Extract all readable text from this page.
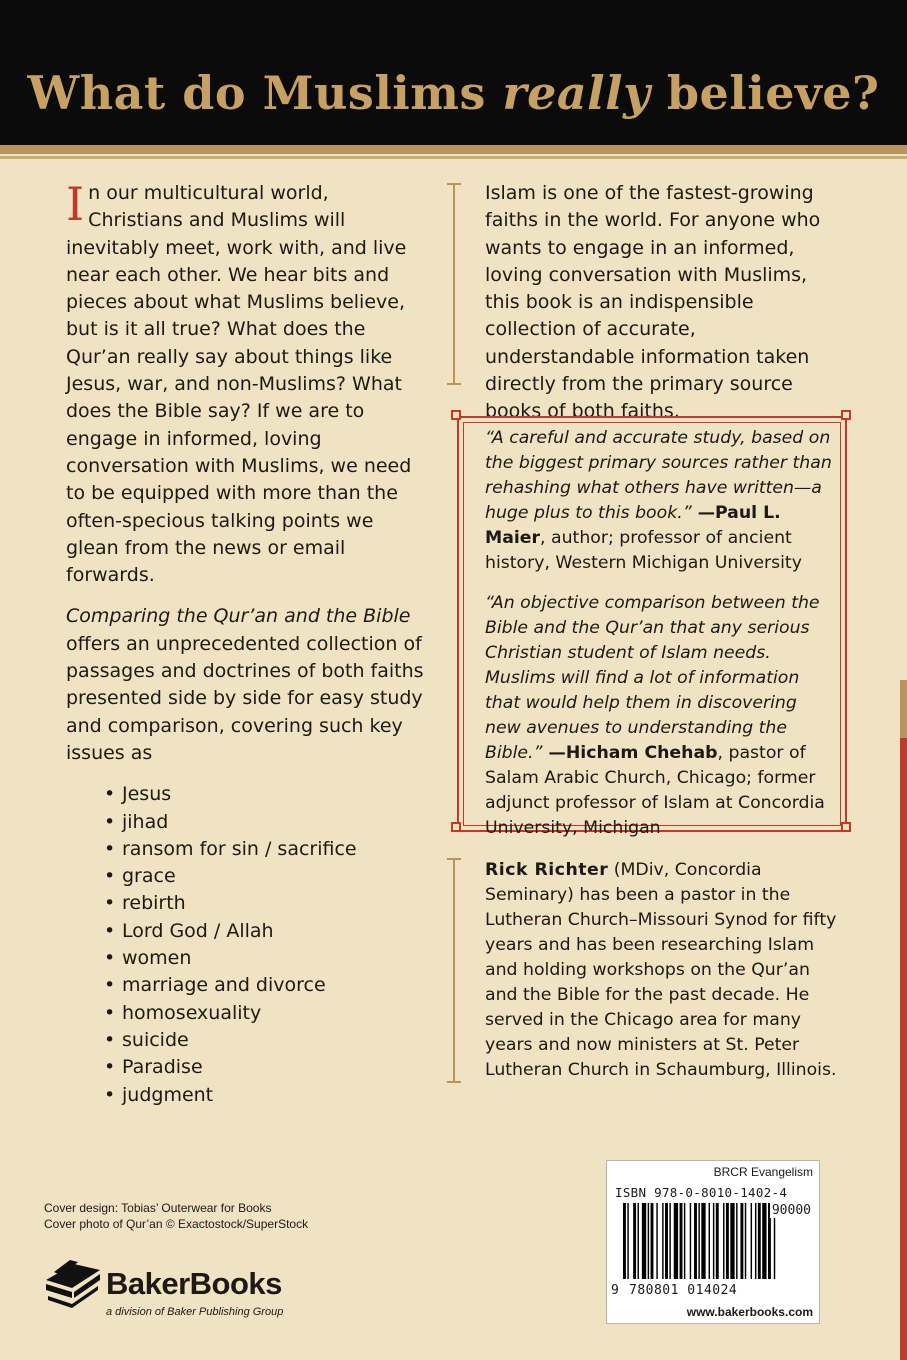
What do Muslims really believe?

In our multicultural world, Christians and Muslims will inevitably meet, work with, and live near each other. We hear bits and pieces about what Muslims believe, but is it all true? What does the Qur’an really say about things like Jesus, war, and non-Muslims? What does the Bible say? If we are to engage in informed, loving conversation with Muslims, we need to be equipped with more than the often-specious talking points we glean from the news or email forwards.

Comparing the Qur’an and the Bible offers an unprecedented collection of passages and doctrines of both faiths presented side by side for easy study and comparison, covering such key issues as

• Jesus
• jihad
• ransom for sin / sacrifice
• grace
• rebirth
• Lord God / Allah
• women
• marriage and divorce
• homosexuality
• suicide
• Paradise
• judgment
Islam is one of the fastest-growing faiths in the world. For anyone who wants to engage in an informed, loving conversation with Muslims, this book is an indispensible collection of accurate, understandable information taken directly from the primary source books of both faiths.

“A careful and accurate study, based on the biggest primary sources rather than rehashing what others have written—a huge plus to this book.” —Paul L. Maier, author; professor of ancient history, Western Michigan University

“An objective comparison between the Bible and the Qur’an that any serious Christian student of Islam needs. Muslims will find a lot of information that would help them in discovering new avenues to understanding the Bible.” —Hicham Chehab, pastor of Salam Arabic Church, Chicago; former adjunct professor of Islam at Concordia University, Michigan

Rick Richter (MDiv, Concordia Seminary) has been a pastor in the Lutheran Church–Missouri Synod for fifty years and has been researching Islam and holding workshops on the Qur’an and the Bible for the past decade. He served in the Chicago area for many years and now ministers at St. Peter Lutheran Church in Schaumburg, Illinois.

Cover design: Tobias’ Outerwear for Books
Cover photo of Qur’an © Exactostock/SuperStock
BakerBooks
a division of Baker Publishing Group
BRCR Evangelism
ISBN 978-0-8010-1402-4
90000
9 780801 014024
www.bakerbooks.com
